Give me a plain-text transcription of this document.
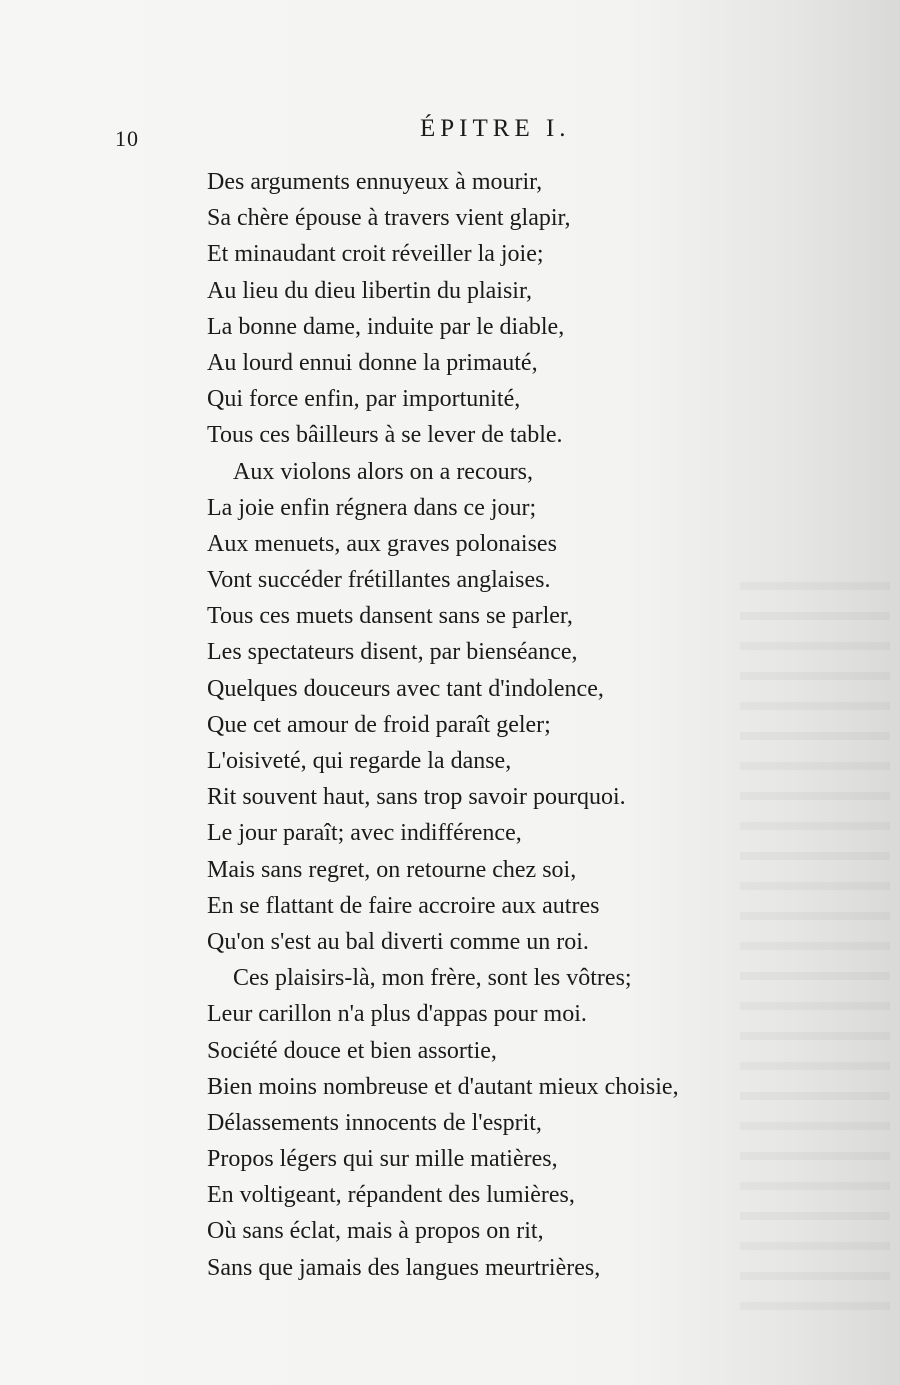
10	ÉPITRE I.
Des arguments ennuyeux à mourir,
Sa chère épouse à travers vient glapir,
Et minaudant croit réveiller la joie;
Au lieu du dieu libertin du plaisir,
La bonne dame, induite par le diable,
Au lourd ennui donne la primauté,
Qui force enfin, par importunité,
Tous ces bâilleurs à se lever de table.
Aux violons alors on a recours,
La joie enfin régnera dans ce jour;
Aux menuets, aux graves polonaises
Vont succéder frétillantes anglaises.
Tous ces muets dansent sans se parler,
Les spectateurs disent, par bienséance,
Quelques douceurs avec tant d'indolence,
Que cet amour de froid paraît geler;
L'oisiveté, qui regarde la danse,
Rit souvent haut, sans trop savoir pourquoi.
Le jour paraît; avec indifférence,
Mais sans regret, on retourne chez soi,
En se flattant de faire accroire aux autres
Qu'on s'est au bal diverti comme un roi.
Ces plaisirs-là, mon frère, sont les vôtres;
Leur carillon n'a plus d'appas pour moi.
Société douce et bien assortie,
Bien moins nombreuse et d'autant mieux choisie,
Délassements innocents de l'esprit,
Propos légers qui sur mille matières,
En voltigeant, répandent des lumières,
Où sans éclat, mais à propos on rit,
Sans que jamais des langues meurtrières,
